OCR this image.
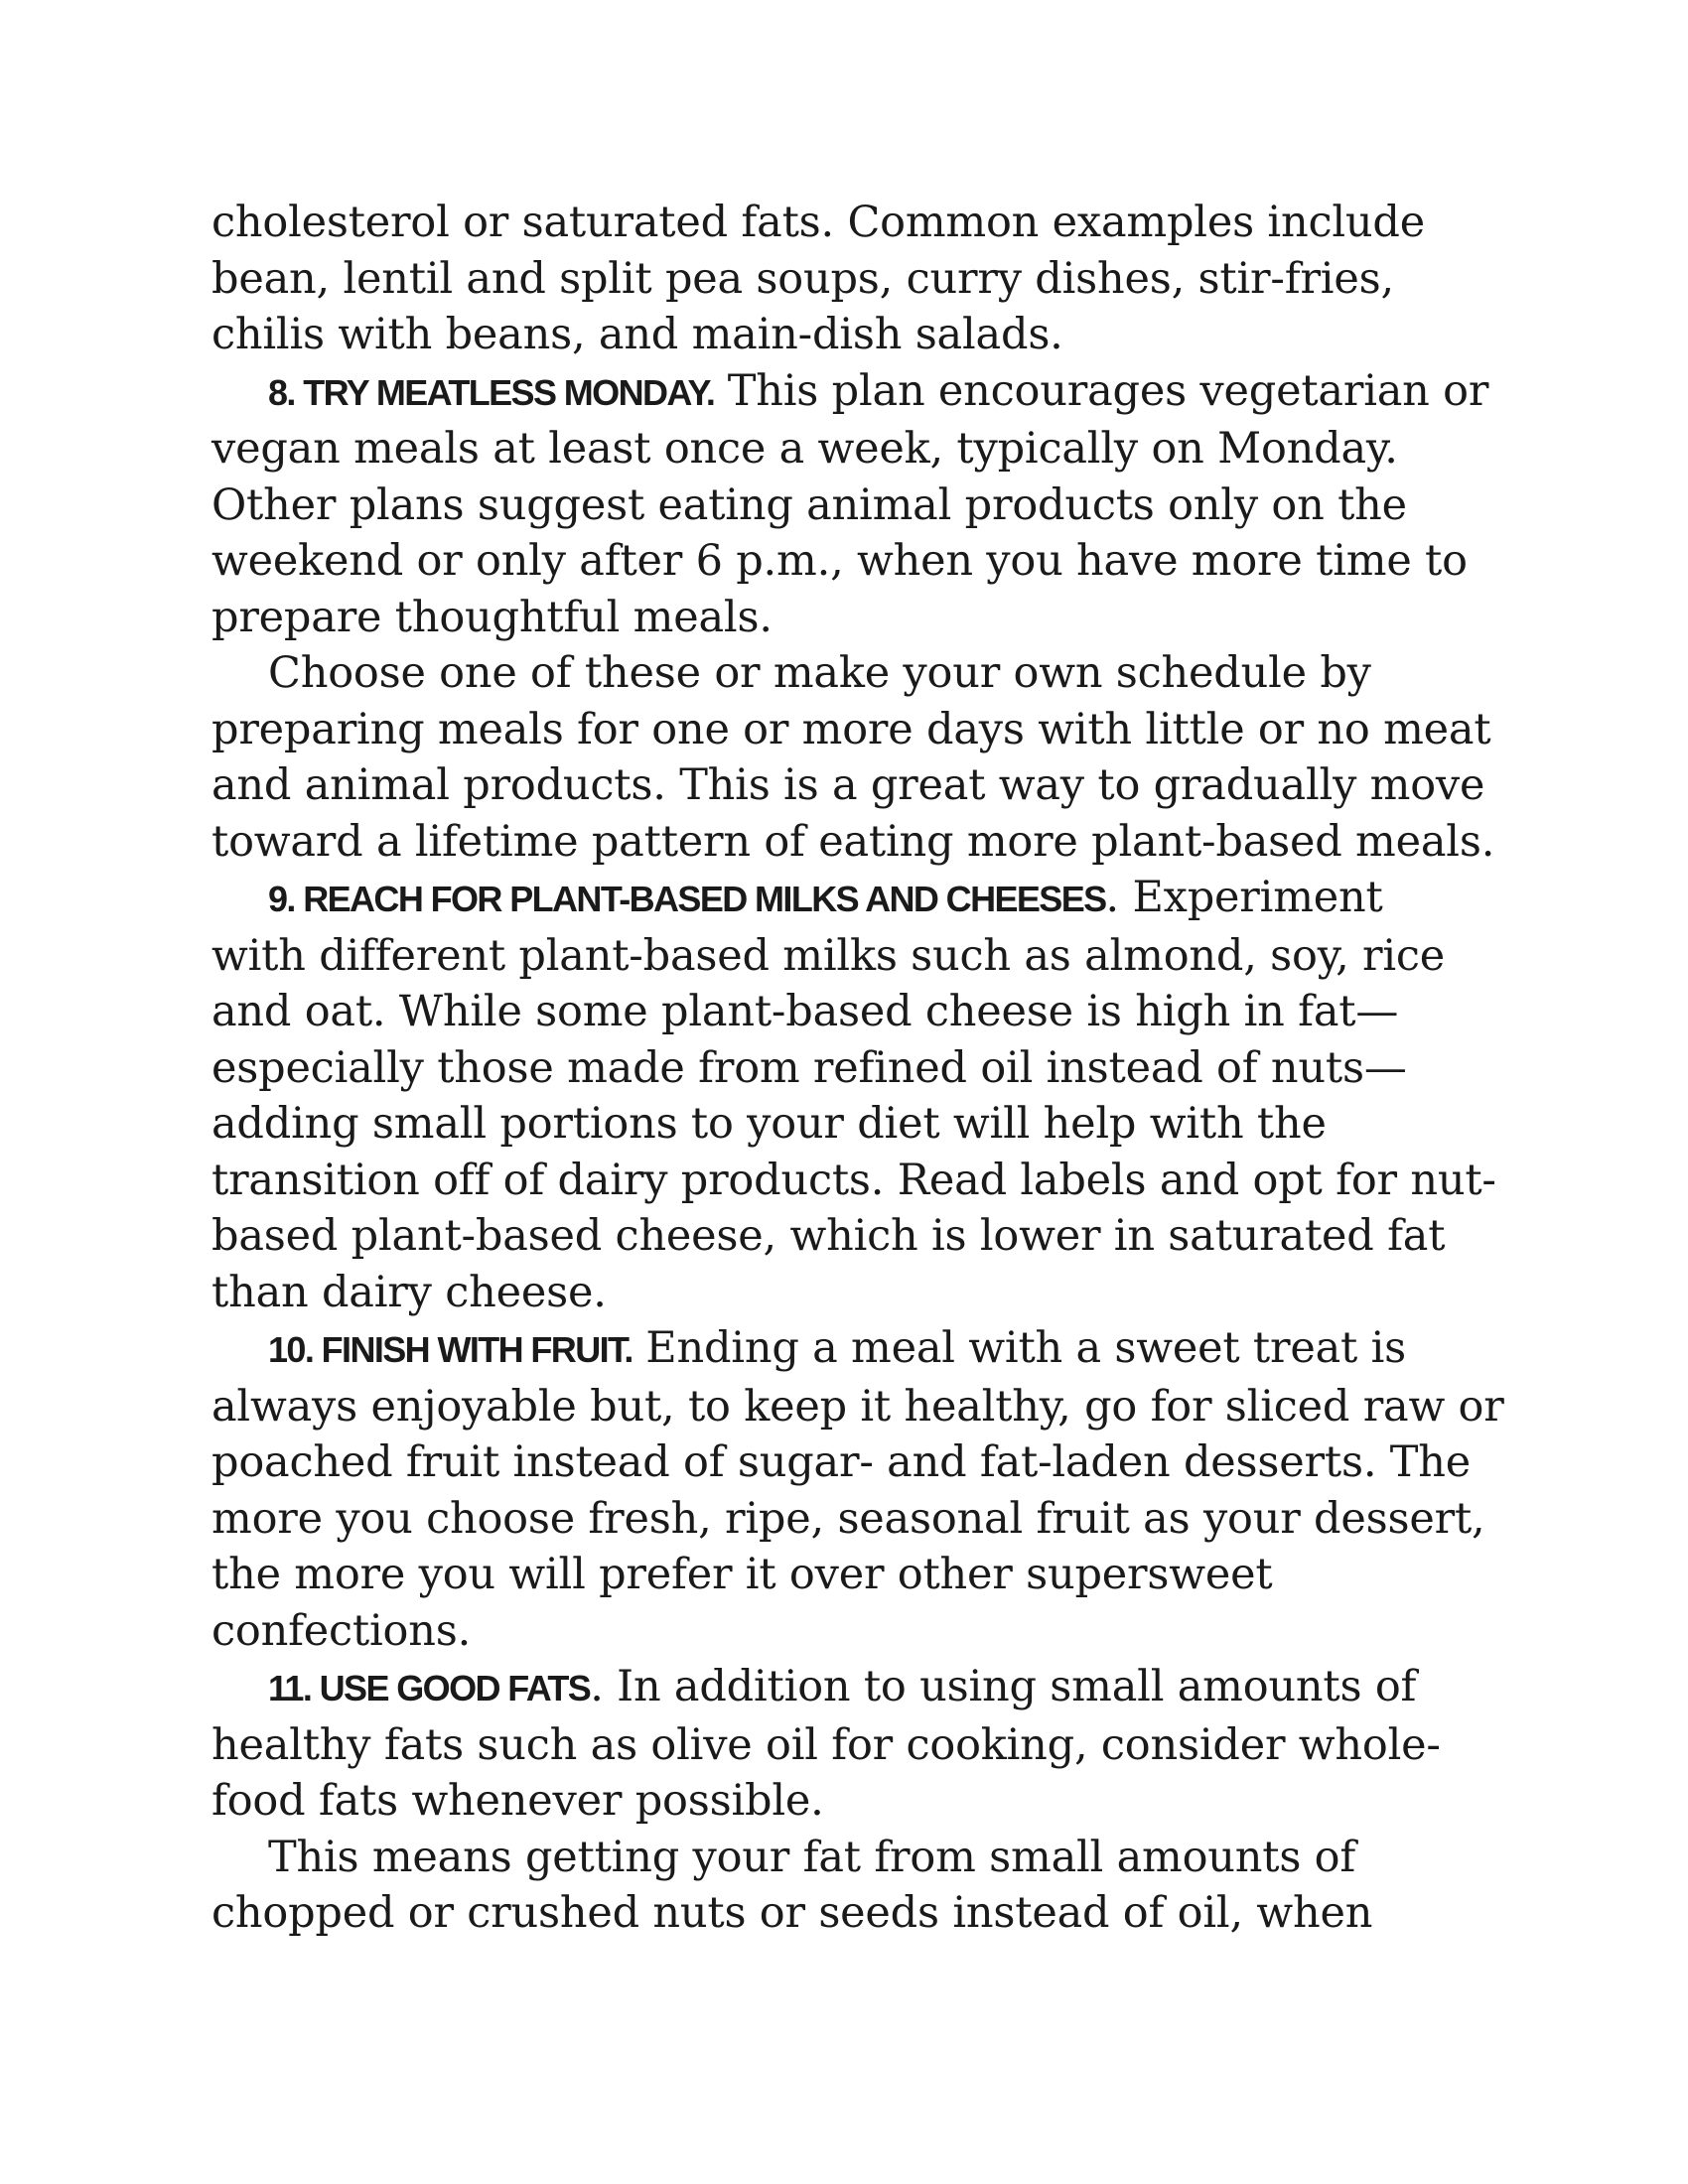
cholesterol or saturated fats. Common examples include
bean, lentil and split pea soups, curry dishes, stir-fries,
chilis with beans, and main-dish salads.
8. TRY MEATLESS MONDAY. This plan encourages vegetarian or
vegan meals at least once a week, typically on Monday.
Other plans suggest eating animal products only on the
weekend or only after 6 p.m., when you have more time to
prepare thoughtful meals.
Choose one of these or make your own schedule by
preparing meals for one or more days with little or no meat
and animal products. This is a great way to gradually move
toward a lifetime pattern of eating more plant-based meals.
9. REACH FOR PLANT-BASED MILKS AND CHEESES. Experiment
with different plant-based milks such as almond, soy, rice
and oat. While some plant-based cheese is high in fat—
especially those made from refined oil instead of nuts—
adding small portions to your diet will help with the
transition off of dairy products. Read labels and opt for nut-
based plant-based cheese, which is lower in saturated fat
than dairy cheese.
10. FINISH WITH FRUIT. Ending a meal with a sweet treat is
always enjoyable but, to keep it healthy, go for sliced raw or
poached fruit instead of sugar- and fat-laden desserts. The
more you choose fresh, ripe, seasonal fruit as your dessert,
the more you will prefer it over other supersweet
confections.
11. USE GOOD FATS. In addition to using small amounts of
healthy fats such as olive oil for cooking, consider whole-
food fats whenever possible.
This means getting your fat from small amounts of
chopped or crushed nuts or seeds instead of oil, when
